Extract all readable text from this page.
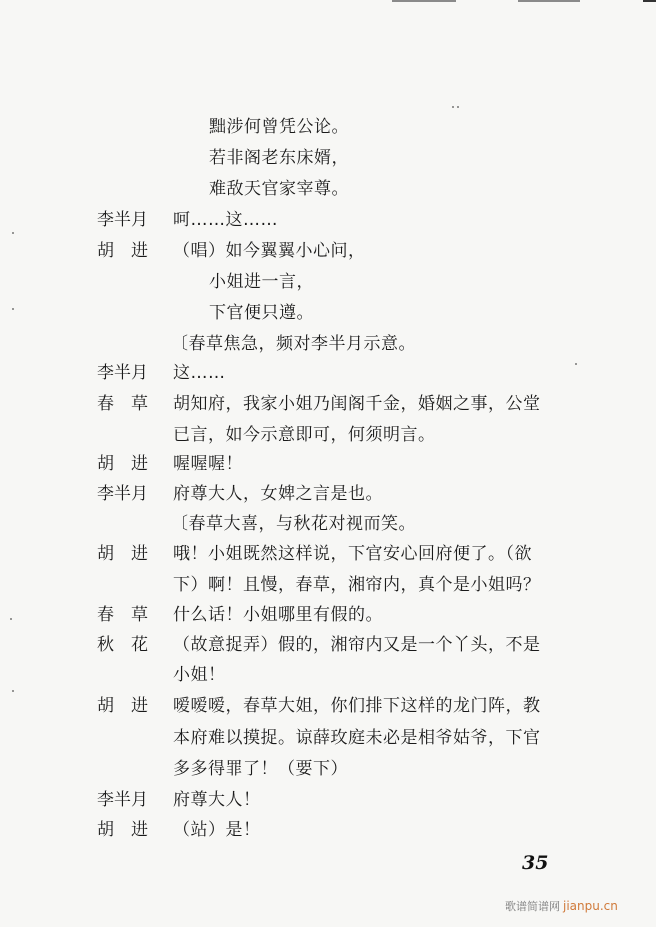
黜涉何曾凭公论。
若非阁老东床婿，
难敌天官家宰尊。
李半月	呵……这……
胡　进	（唱）如今翼翼小心问，
小姐进一言，
下官便只遵。
〔春草焦急，频对李半月示意。
李半月	这……
春　草	胡知府，我家小姐乃闺阁千金，婚姻之事，公堂
已言，如今示意即可，何须明言。
胡　进	喔喔喔！
李半月	府尊大人，女婢之言是也。
〔春草大喜，与秋花对视而笑。
胡　进	哦！小姐既然这样说，下官安心回府便了。（欲
下）啊！且慢，春草，湘帘内，真个是小姐吗？
春　草	什么话！小姐哪里有假的。
秋　花	（故意捉弄）假的，湘帘内又是一个丫头，不是
小姐！
胡　进	嗳嗳嗳，春草大姐，你们排下这样的龙门阵，教
本府难以摸捉。谅薛玫庭未必是相爷姑爷，下官
多多得罪了！（要下）
李半月	府尊大人！
胡　进	（站）是！
35
歌谱简谱网 jianpu.cn
